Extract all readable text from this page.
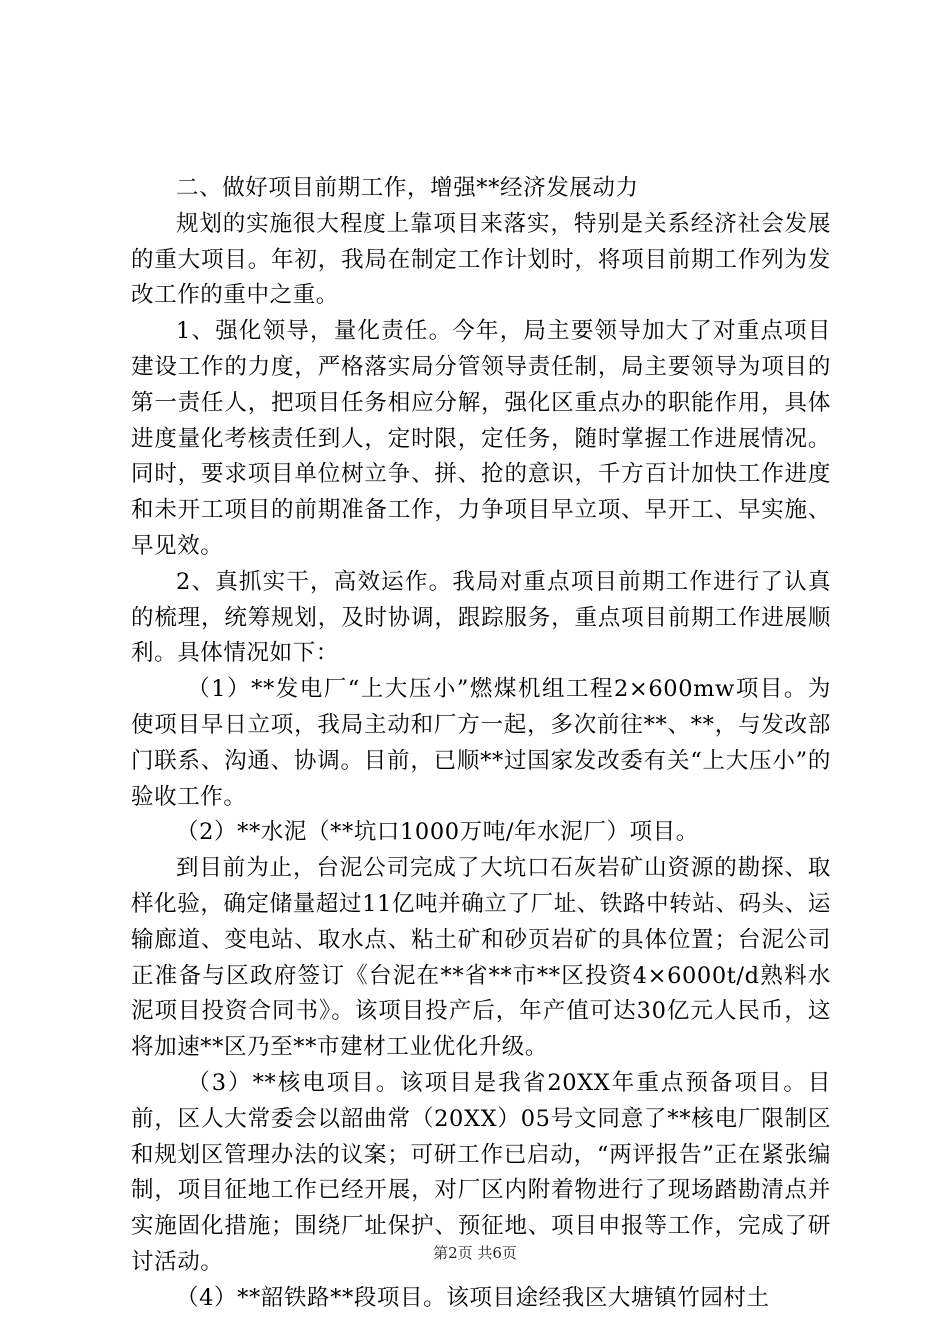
二、做好项目前期工作，增强**经济发展动力

规划的实施很大程度上靠项目来落实，特别是关系经济社会发展的重大项目。年初，我局在制定工作计划时，将项目前期工作列为发改工作的重中之重。

1、强化领导，量化责任。今年，局主要领导加大了对重点项目建设工作的力度，严格落实局分管领导责任制，局主要领导为项目的第一责任人，把项目任务相应分解，强化区重点办的职能作用，具体进度量化考核责任到人，定时限，定任务，随时掌握工作进展情况。同时，要求项目单位树立争、拼、抢的意识，千方百计加快工作进度和未开工项目的前期准备工作，力争项目早立项、早开工、早实施、早见效。

2、真抓实干，高效运作。我局对重点项目前期工作进行了认真的梳理，统筹规划，及时协调，跟踪服务，重点项目前期工作进展顺利。具体情况如下：

（1）**发电厂“上大压小”燃煤机组工程2×600mw项目。为使项目早日立项，我局主动和厂方一起，多次前往**、**，与发改部门联系、沟通、协调。目前，已顺**过国家发改委有关“上大压小”的验收工作。

（2）**水泥（**坑口1000万吨/年水泥厂）项目。

到目前为止，台泥公司完成了大坑口石灰岩矿山资源的勘探、取样化验，确定储量超过11亿吨并确立了厂址、铁路中转站、码头、运输廊道、变电站、取水点、粘土矿和砂页岩矿的具体位置；台泥公司正准备与区政府签订《台泥在**省**市**区投资4×6000t/d熟料水泥项目投资合同书》。该项目投产后，年产值可达30亿元人民币，这将加速**区乃至**市建材工业优化升级。

（3）**核电项目。该项目是我省20XX年重点预备项目。目前，区人大常委会以韶曲常（20XX）05号文同意了**核电厂限制区和规划区管理办法的议案；可研工作已启动，“两评报告”正在紧张编制，项目征地工作已经开展，对厂区内附着物进行了现场踏勘清点并实施固化措施；围绕厂址保护、预征地、项目申报等工作，完成了研讨活动。

（4）**韶铁路**段项目。该项目途经我区大塘镇竹园村土

第2页 共6页
